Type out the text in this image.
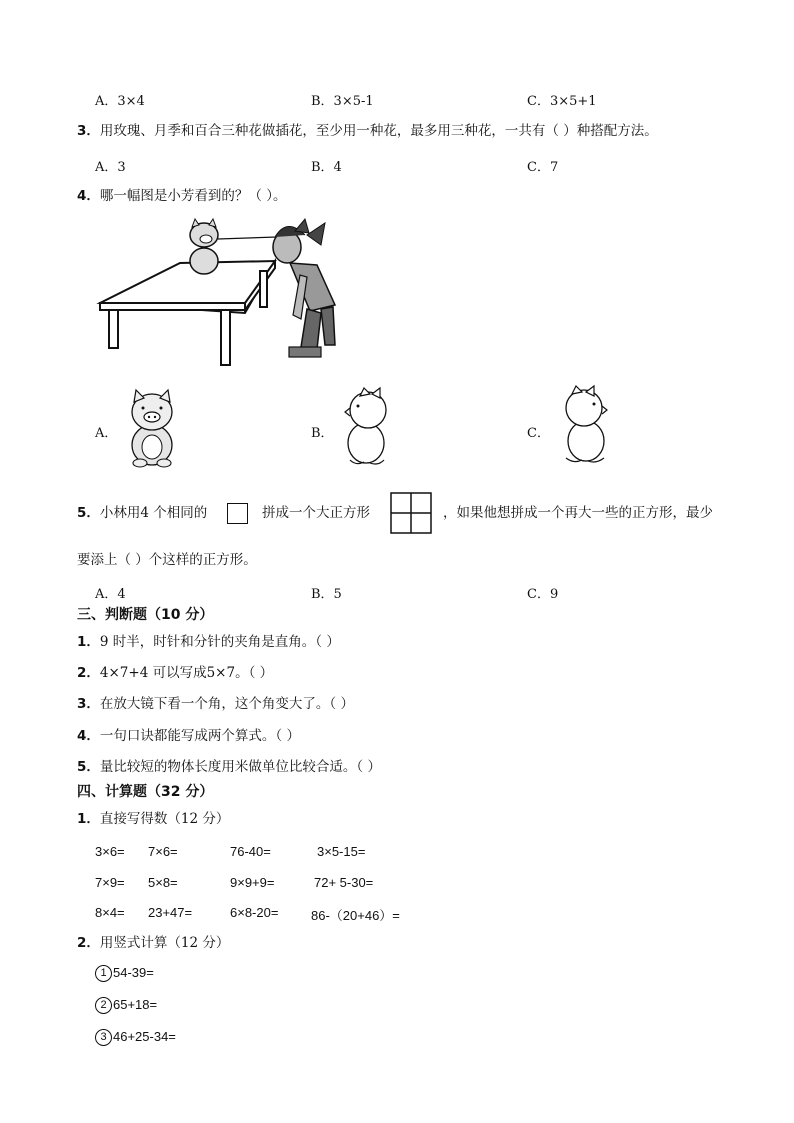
A．3×4	B．3×5-1	C．3×5+1
3．用玫瑰、月季和百合三种花做插花，至少用一种花，最多用三种花，一共有（ ）种搭配方法。
A．3	B．4	C．7
4．哪一幅图是小芳看到的？（ ）。
A．	B．	C．
5．小林用4 个相同的	拼成一个大正方形	，如果他想拼成一个再大一些的正方形，最少
要添上（ ）个这样的正方形。
A．4	B．5	C．9
三、判断题（10 分）
1．9 时半，时针和分针的夹角是直角。（ ）
2．4×7+4 可以写成5×7。（ ）
3．在放大镜下看一个角，这个角变大了。（ ）
4．一句口诀都能写成两个算式。（ ）
5．量比较短的物体长度用米做单位比较合适。（ ）
四、计算题（32 分）
1．直接写得数（12 分）
3×6= 7×6=	76-40=	3×5-15=
7×9= 5×8=	9×9+9=	72+ 5-30=
8×4= 23+47=	6×8-20=	86-（20+46）=
2．用竖式计算（12 分）
1 54-39=
2 65+18=
3 46+25-34=
